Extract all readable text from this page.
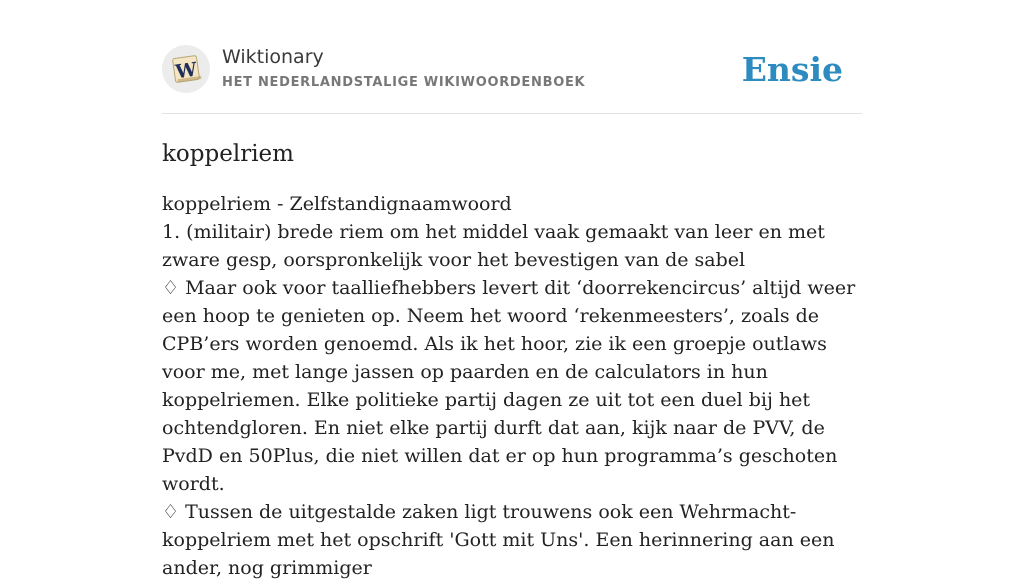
W
Wiktionary
HET NEDERLANDSTALIGE WIKIWOORDENBOEK	Ensie
koppelriem

koppelriem - Zelfstandignaamwoord

1. (militair) brede riem om het middel vaak gemaakt van leer en met zware gesp, oorspronkelijk voor het bevestigen van de sabel

♢ Maar ook voor taalliefhebbers levert dit ‘doorrekencircus’ altijd weer een hoop te genieten op. Neem het woord ‘rekenmeesters’, zoals de CPB’ers worden genoemd. Als ik het hoor, zie ik een groepje outlaws voor me, met lange jassen op paarden en de calculators in hun koppelriemen. Elke politieke partij dagen ze uit tot een duel bij het ochtendgloren. En niet elke partij durft dat aan, kijk naar de PVV, de PvdD en 50Plus, die niet willen dat er op hun programma’s geschoten wordt.

♢ Tussen de uitgestalde zaken ligt trouwens ook een Wehrmacht-koppelriem met het opschrift 'Gott mit Uns'. Een herinnering aan een ander, nog grimmiger
